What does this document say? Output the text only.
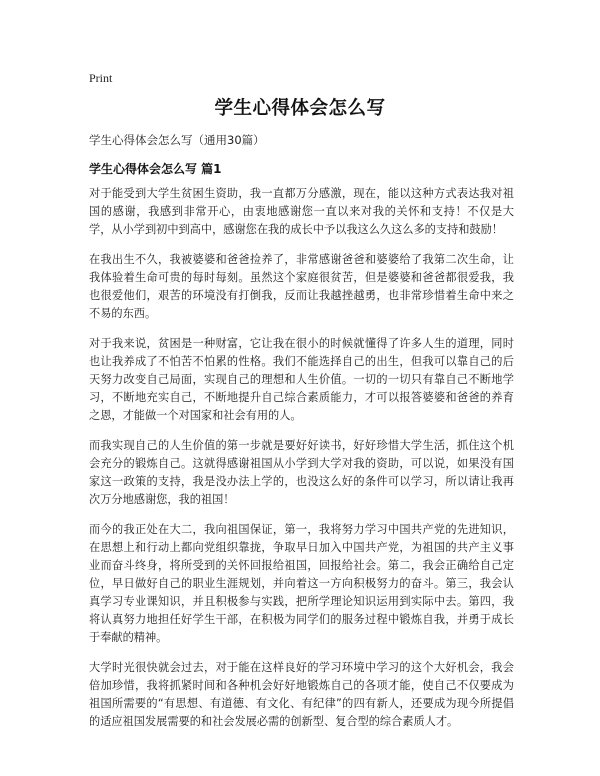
Print
学生心得体会怎么写
学生心得体会怎么写（通用30篇）
学生心得体会怎么写 篇1

对于能受到大学生贫困生资助，我一直都万分感激，现在，能以这种方式表达我对祖国的感谢，我感到非常开心，由衷地感谢您一直以来对我的关怀和支持！不仅是大学，从小学到初中到高中，感谢您在我的成长中予以我这么久这么多的支持和鼓励！

在我出生不久，我被婆婆和爸爸捡养了，非常感谢爸爸和婆婆给了我第二次生命，让我体验着生命可贵的每时每刻。虽然这个家庭很贫苦，但是婆婆和爸爸都很爱我，我也很爱他们，艰苦的环境没有打倒我，反而让我越挫越勇，也非常珍惜着生命中来之不易的东西。

对于我来说，贫困是一种财富，它让我在很小的时候就懂得了许多人生的道理，同时也让我养成了不怕苦不怕累的性格。我们不能选择自己的出生，但我可以靠自己的后天努力改变自己局面，实现自己的理想和人生价值。一切的一切只有靠自己不断地学习，不断地充实自己，不断地提升自己综合素质能力，才可以报答婆婆和爸爸的养育之恩，才能做一个对国家和社会有用的人。

而我实现自己的人生价值的第一步就是要好好读书，好好珍惜大学生活，抓住这个机会充分的锻炼自己。这就得感谢祖国从小学到大学对我的资助，可以说，如果没有国家这一政策的支持，我是没办法上学的，也没这么好的条件可以学习，所以请让我再次万分地感谢您，我的祖国！

而今的我正处在大二，我向祖国保证，第一，我将努力学习中国共产党的先进知识，在思想上和行动上都向党组织靠拢，争取早日加入中国共产党，为祖国的共产主义事业而奋斗终身，将所受到的关怀回报给祖国，回报给社会。第二，我会正确给自己定位，早日做好自己的职业生涯规划，并向着这一方向积极努力的奋斗。第三，我会认真学习专业课知识，并且积极参与实践，把所学理论知识运用到实际中去。第四，我将认真努力地担任好学生干部，在积极为同学们的服务过程中锻炼自我，并勇于成长于奉献的精神。

大学时光很快就会过去，对于能在这样良好的学习环境中学习的这个大好机会，我会倍加珍惜，我将抓紧时间和各种机会好好地锻炼自己的各项才能，使自己不仅要成为祖国所需要的“有思想、有道德、有文化、有纪律”的四有新人，还要成为现今所提倡的适应祖国发展需要的和社会发展必需的创新型、复合型的综合素质人才。
